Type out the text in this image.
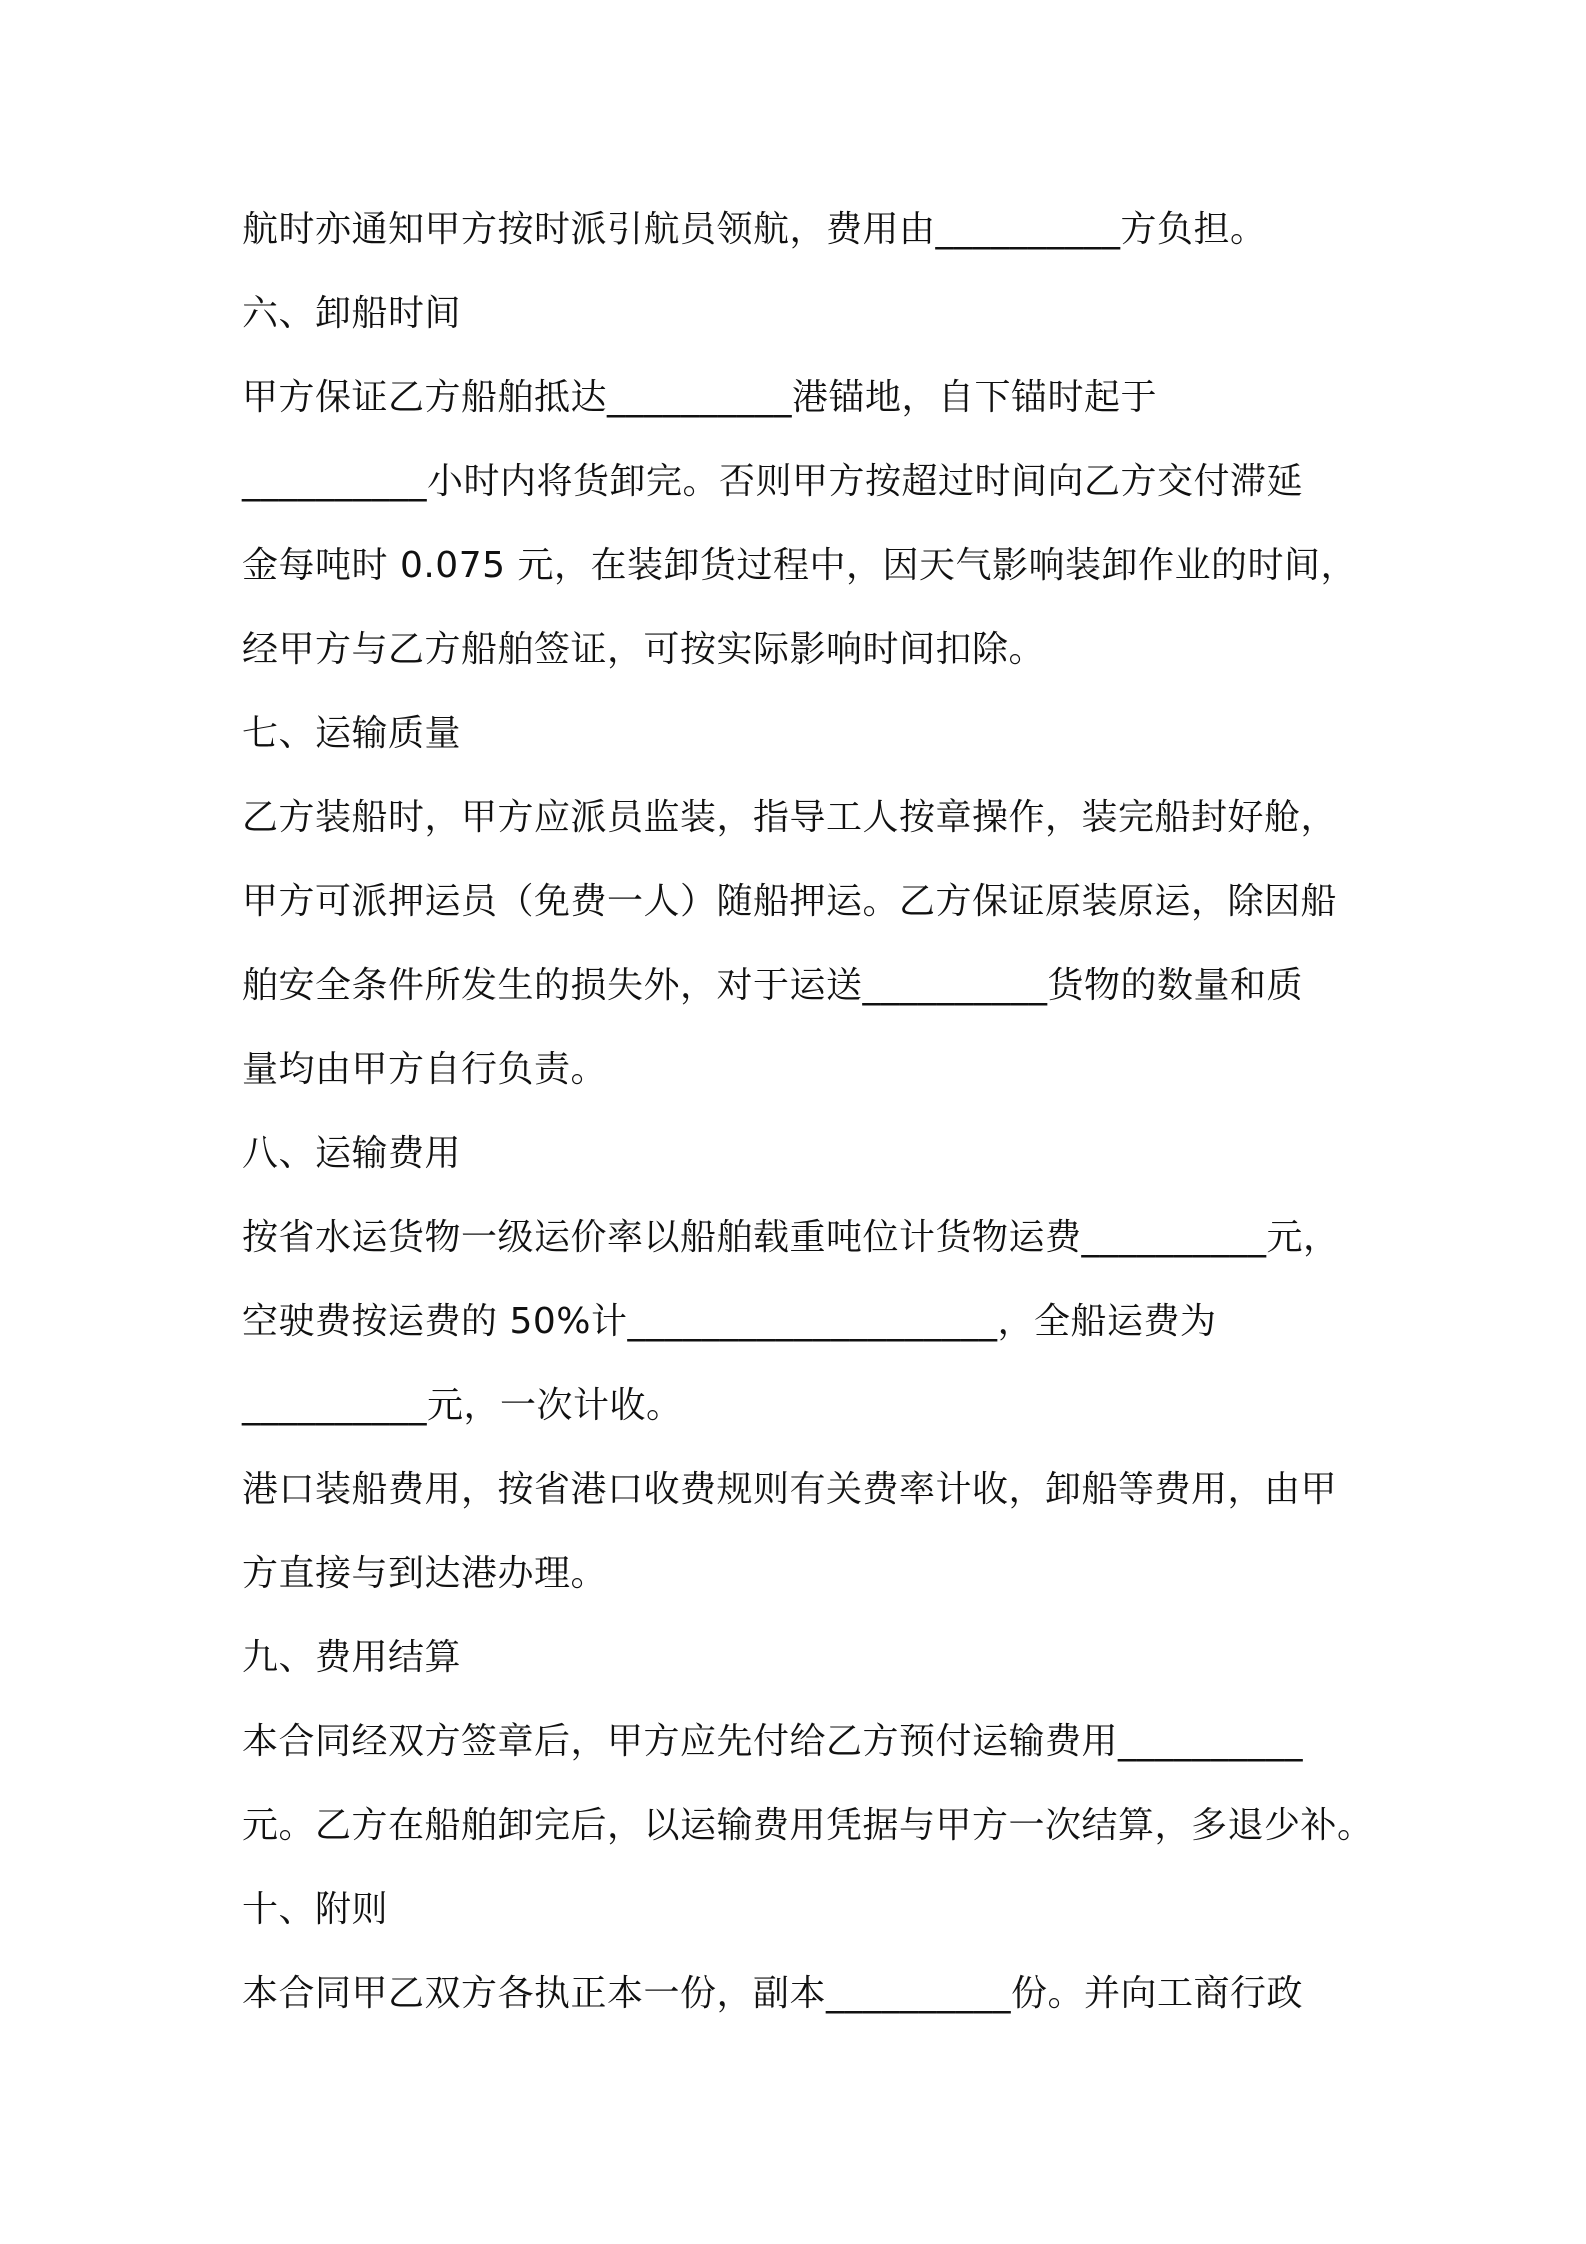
航时亦通知甲方按时派引航员领航，费用由__________方负担。
六、卸船时间
甲方保证乙方船舶抵达__________港锚地，自下锚时起于
__________小时内将货卸完。否则甲方按超过时间向乙方交付滞延
金每吨时 0.075 元，在装卸货过程中，因天气影响装卸作业的时间，
经甲方与乙方船舶签证，可按实际影响时间扣除。
七、运输质量
乙方装船时，甲方应派员监装，指导工人按章操作，装完船封好舱，
甲方可派押运员（免费一人）随船押运。乙方保证原装原运，除因船
舶安全条件所发生的损失外，对于运送__________货物的数量和质
量均由甲方自行负责。
八、运输费用
按省水运货物一级运价率以船舶载重吨位计货物运费__________元，
空驶费按运费的 50%计____________________，全船运费为
__________元，一次计收。
港口装船费用，按省港口收费规则有关费率计收，卸船等费用，由甲
方直接与到达港办理。
九、费用结算
本合同经双方签章后，甲方应先付给乙方预付运输费用__________
元。乙方在船舶卸完后，以运输费用凭据与甲方一次结算，多退少补。
十、附则
本合同甲乙双方各执正本一份，副本__________份。并向工商行政
